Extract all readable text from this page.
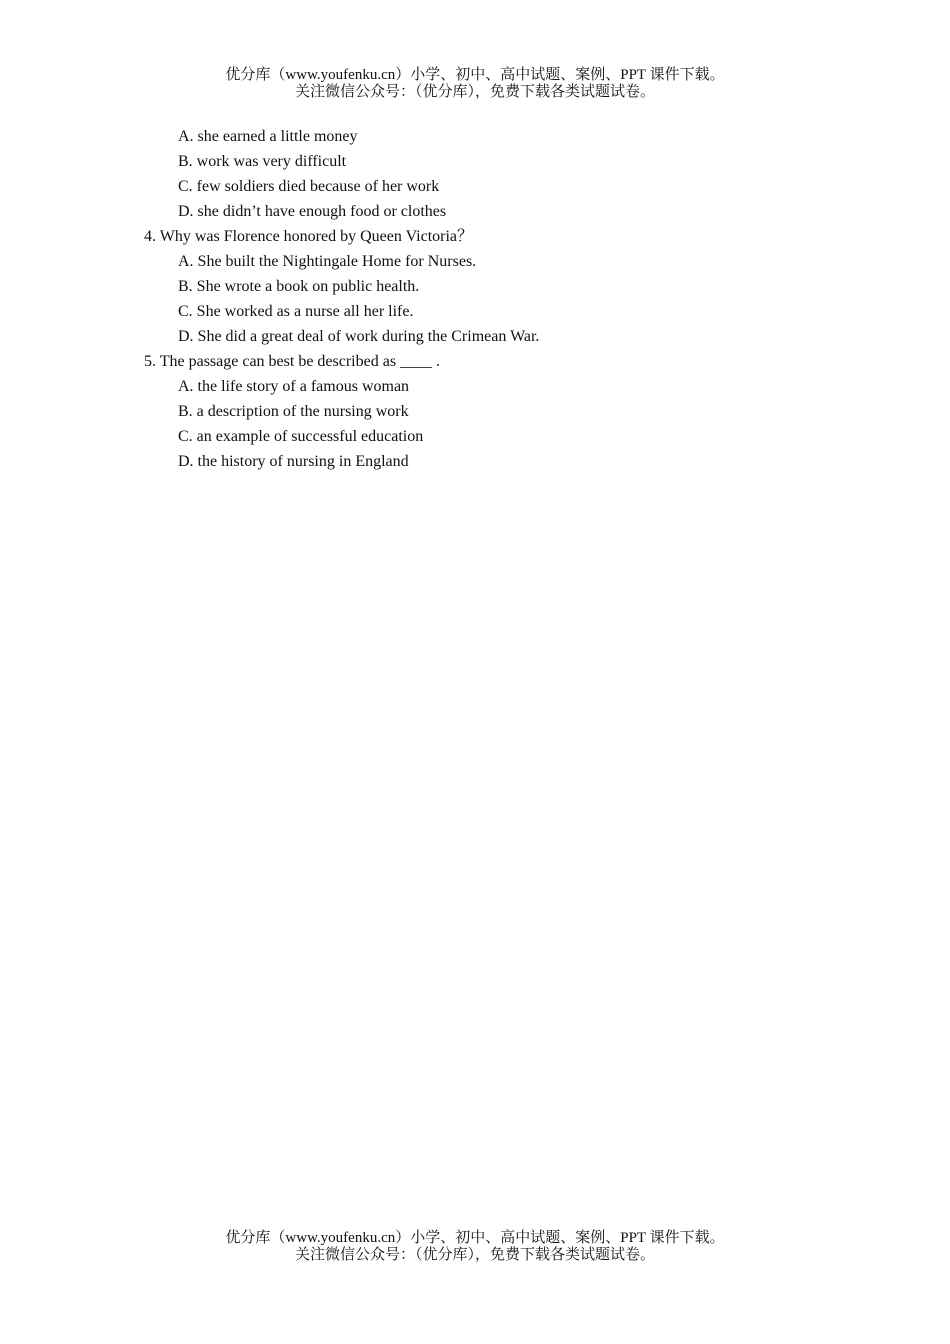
优分库（www.youfenku.cn）小学、初中、高中试题、案例、PPT 课件下载。
关注微信公众号：（优分库），免费下载各类试题试卷。
A. she earned a little money
B. work was very difficult
C. few soldiers died because of her work
D. she didn’t have enough food or clothes
4. Why was Florence honored by Queen Victoria？
A. She built the Nightingale Home for Nurses.
B. She wrote a book on public health.
C. She worked as a nurse all her life.
D. She did a great deal of work during the Crimean War.
5. The passage can best be described as ____ .
A. the life story of a famous woman
B. a description of the nursing work
C. an example of successful education
D. the history of nursing in England
优分库（www.youfenku.cn）小学、初中、高中试题、案例、PPT 课件下载。
关注微信公众号：（优分库），免费下载各类试题试卷。
